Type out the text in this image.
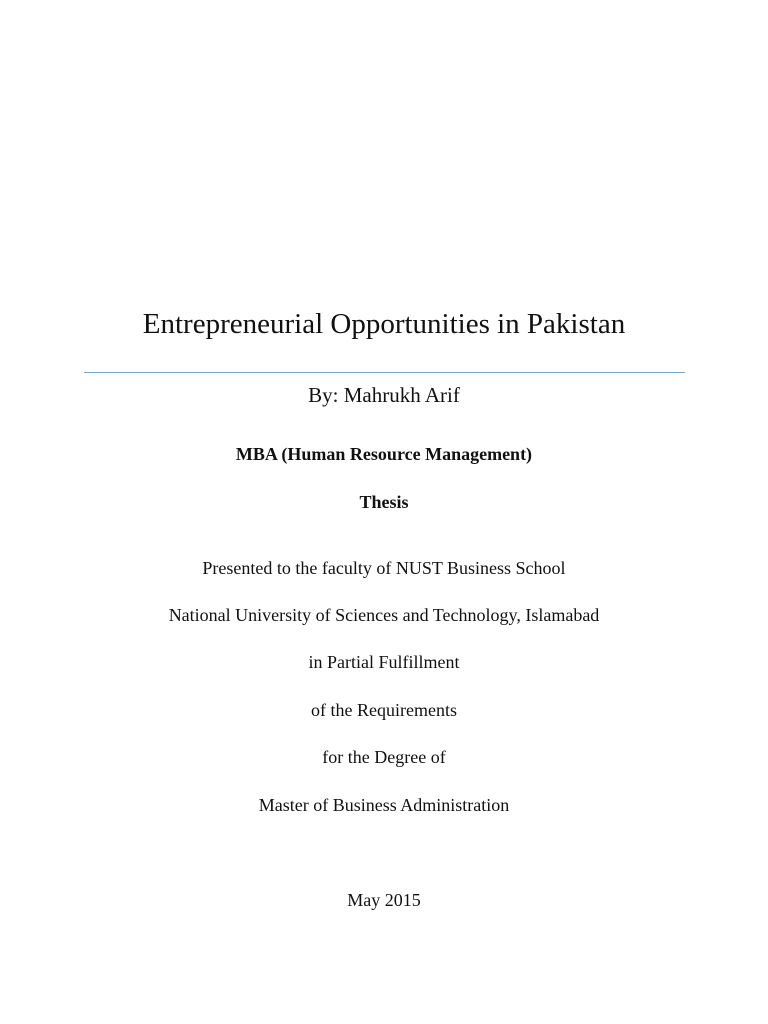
Entrepreneurial Opportunities in Pakistan
By: Mahrukh Arif
MBA (Human Resource Management)
Thesis
Presented to the faculty of NUST Business School
National University of Sciences and Technology, Islamabad
in Partial Fulfillment
of the Requirements
for the Degree of
Master of Business Administration
May 2015
